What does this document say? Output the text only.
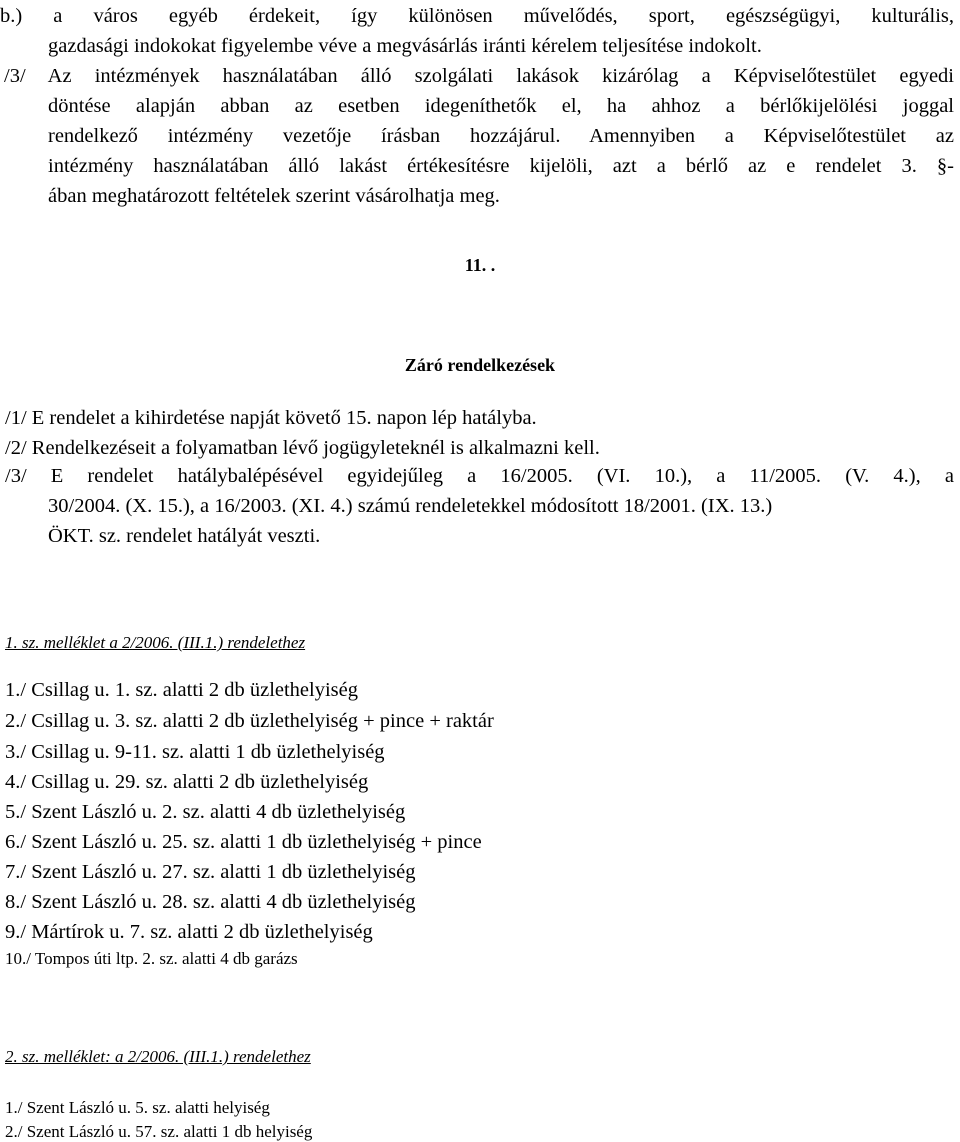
b.) a város egyéb érdekeit, így különösen művelődés, sport, egészségügyi, kulturális,

gazdasági indokokat figyelembe véve a megvásárlás iránti kérelem teljesítése indokolt.

/3/ Az intézmények használatában álló szolgálati lakások kizárólag a Képviselőtestület egyedi

döntése alapján abban az esetben idegeníthetők el, ha ahhoz a bérlőkijelölési joggal

rendelkező intézmény vezetője írásban hozzájárul. Amennyiben a Képviselőtestület az

intézmény használatában álló lakást értékesítésre kijelöli, azt a bérlő az e rendelet 3. §-

ában meghatározott feltételek szerint vásárolhatja meg.

11. .

Záró rendelkezések

/1/ E rendelet a kihirdetése napját követő 15. napon lép hatályba.

/2/ Rendelkezéseit a folyamatban lévő jogügyleteknél is alkalmazni kell.

/3/ E rendelet hatálybalépésével egyidejűleg a 16/2005. (VI. 10.), a 11/2005. (V. 4.), a

30/2004. (X. 15.), a 16/2003. (XI. 4.) számú rendeletekkel módosított 18/2001. (IX. 13.)

ÖKT. sz. rendelet hatályát veszti.

1. sz. melléklet a 2/2006. (III.1.) rendelethez

1./ Csillag u. 1. sz. alatti 2 db üzlethelyiség

2./ Csillag u. 3. sz. alatti 2 db üzlethelyiség + pince + raktár

3./ Csillag u. 9-11. sz. alatti 1 db üzlethelyiség

4./ Csillag u. 29. sz. alatti 2 db üzlethelyiség

5./ Szent László u. 2. sz. alatti 4 db üzlethelyiség

6./ Szent László u. 25. sz. alatti 1 db üzlethelyiség + pince

7./ Szent László u. 27. sz. alatti 1 db üzlethelyiség

8./ Szent László u. 28. sz. alatti 4 db üzlethelyiség

9./ Mártírok u. 7. sz. alatti 2 db üzlethelyiség

10./ Tompos úti ltp. 2. sz. alatti 4 db garázs

2. sz. melléklet: a 2/2006. (III.1.) rendelethez

1./ Szent László u. 5. sz. alatti helyiség

2./ Szent László u. 57. sz. alatti 1 db helyiség
